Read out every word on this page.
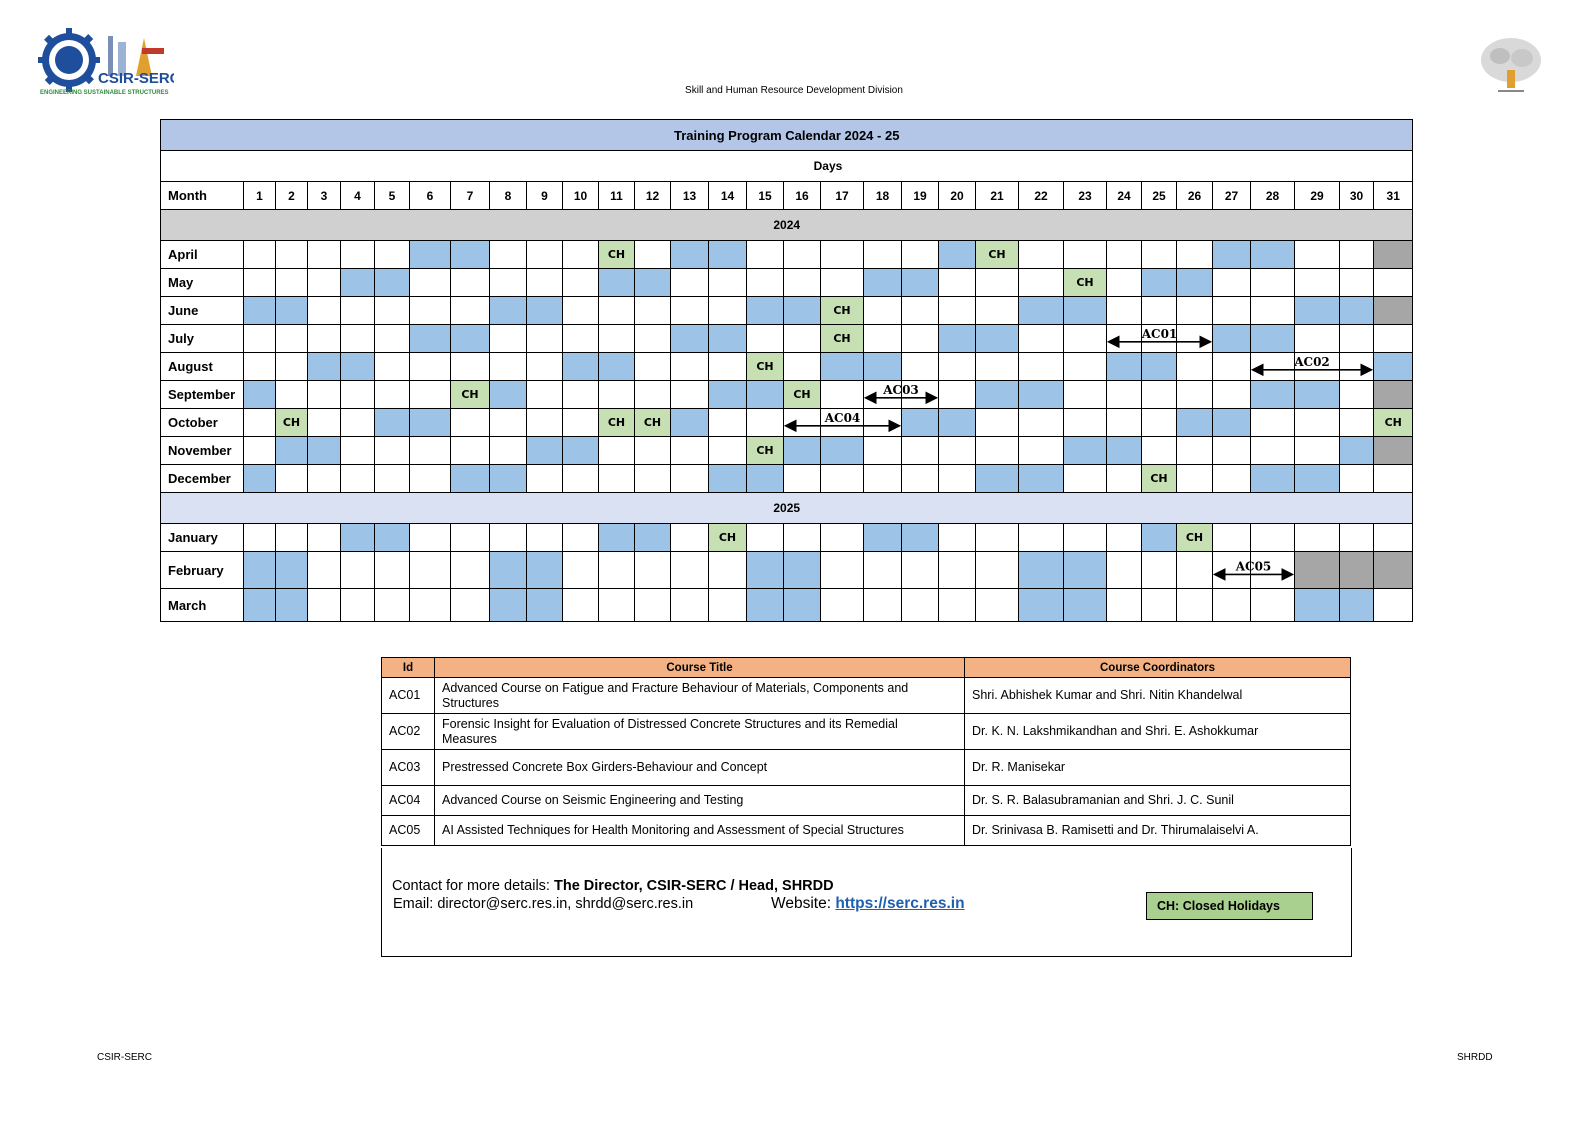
CSIR-SERC
ENGINEERING SUSTAINABLE STRUCTURES	Skill and Human Resource Development Division
Training Program Calendar 2024 - 25																															
	Days																														
Month	1	2	3	4	5	6	7	8	9	10	11	12	13	14	15	16	17	18	19	20	21	22	23	24	25	26	27	28	29	30	31
2024																															
April											CH										CH										
May																							CH								
June																	CH														
July																	CH														
August															CH																
September							CH									CH															
October		CH									CH	CH																			CH
November															CH																
December																									CH						
2025																															
January														CH												CH					
February																															
March																															
AC01
AC02
AC03
AC04
AC05
Id	Course Title	Course Coordinators
AC01	Advanced Course on Fatigue and Fracture Behaviour of Materials, Components and Structures	Shri. Abhishek Kumar and Shri. Nitin Khandelwal
AC02	Forensic Insight for Evaluation of Distressed Concrete Structures and its Remedial Measures	Dr. K. N. Lakshmikandhan and Shri. E. Ashokkumar
AC03	Prestressed Concrete Box Girders-Behaviour and Concept	Dr. R. Manisekar
AC04	Advanced Course on Seismic Engineering and Testing	Dr. S. R. Balasubramanian and Shri. J. C. Sunil
AC05	AI Assisted Techniques for Health Monitoring and Assessment of Special Structures	Dr. Srinivasa B. Ramisetti and Dr. Thirumalaiselvi A.
Contact for more details: The Director, CSIR-SERC / Head, SHRDD
Email: director@serc.res.in, shrdd@serc.res.in	Website: https://serc.res.in	CH: Closed Holidays
CSIR-SERC	SHRDD
